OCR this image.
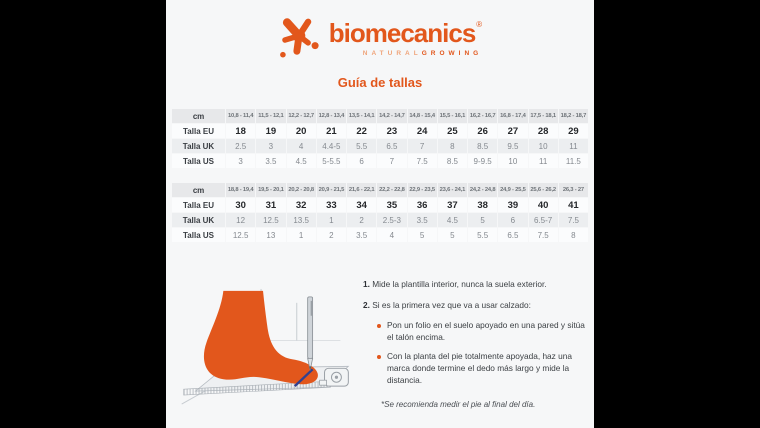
biomecanics ®
NATURALGROWING
Guía de tallas
cm	10,8 - 11,4	11,5 - 12,1	12,2 - 12,7	12,8 - 13,4	13,5 - 14,1	14,2 - 14,7	14,8 - 15,4	15,5 - 16,1	16,2 - 16,7	16,8 - 17,4	17,5 - 18,1	18,2 - 18,7
Talla EU	18	19	20	21	22	23	24	25	26	27	28	29
Talla UK	2.5	3	4	4.4-5	5.5	6.5	7	8	8.5	9.5	10	11
Talla US	3	3.5	4.5	5-5.5	6	7	7.5	8.5	9-9.5	10	11	11.5
cm	18,8 - 19,4	19,5 - 20,1	20,2 - 20,8	20,9 - 21,5	21,6 - 22,1	22,2 - 22,8	22,9 - 23,5	23,6 - 24,1	24,2 - 24,8	24,9 - 25,5	25,6 - 26,2	26,3 - 27
Talla EU	30	31	32	33	34	35	36	37	38	39	40	41
Talla UK	12	12.5	13.5	1	2	2.5-3	3.5	4.5	5	6	6.5-7	7.5
Talla US	12.5	13	1	2	3.5	4	5	5	5.5	6.5	7.5	8

1. Mide la plantilla interior, nunca la suela exterior.

2. Si es la primera vez que va a usar calzado:

Pon un folio en el suelo apoyado en una pared y sitúa el talón encima.
Con la planta del pie totalmente apoyada, haz una marca donde termine el dedo más largo y mide la distancia.

*Se recomienda medir el pie al final del día.
